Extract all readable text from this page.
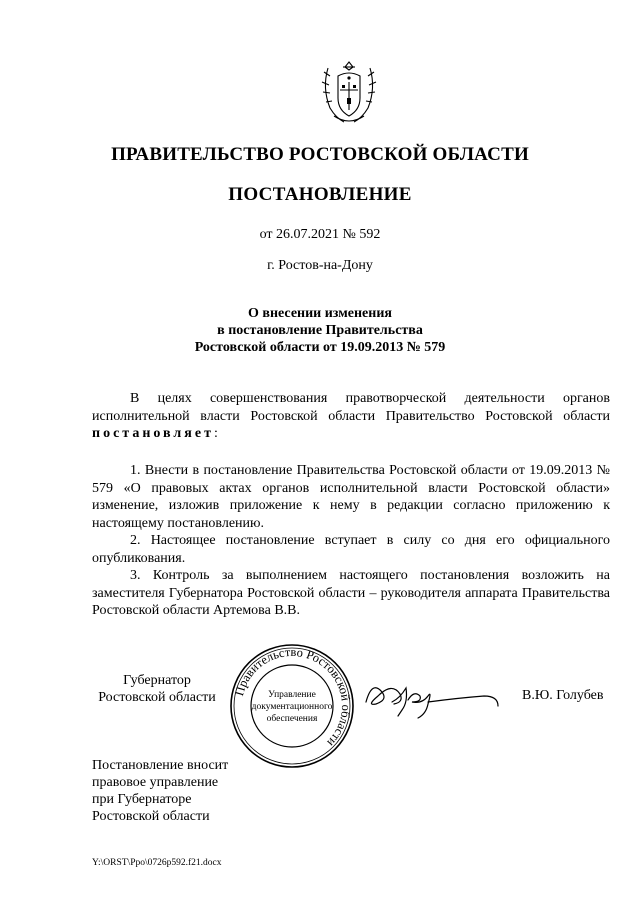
ПРАВИТЕЛЬСТВО РОСТОВСКОЙ ОБЛАСТИ
ПОСТАНОВЛЕНИЕ
от 26.07.2021 № 592
г. Ростов-на-Дону
О внесении изменения
в постановление Правительства
Ростовской области от 19.09.2013 № 579
В целях совершенствования правотворческой деятельности органов исполнительной власти Ростовской области Правительство Ростовской области постановляет:
1. Внести в постановление Правительства Ростовской области от 19.09.2013 № 579 «О правовых актах органов исполнительной власти Ростовской области» изменение, изложив приложение к нему в редакции согласно приложению к настоящему постановлению.
2. Настоящее постановление вступает в силу со дня его официального опубликования.
3. Контроль за выполнением настоящего постановления возложить на заместителя Губернатора Ростовской области – руководителя аппарата Правительства Ростовской области Артемова В.В.
Губернатор
Ростовской области	Правительство Ростовской области
Управление
документационного
обеспечения
В.Ю. Голубев
Постановление вносит
правовое управление
при Губернаторе
Ростовской области
Y:\ORST\Ppo\0726p592.f21.docx
